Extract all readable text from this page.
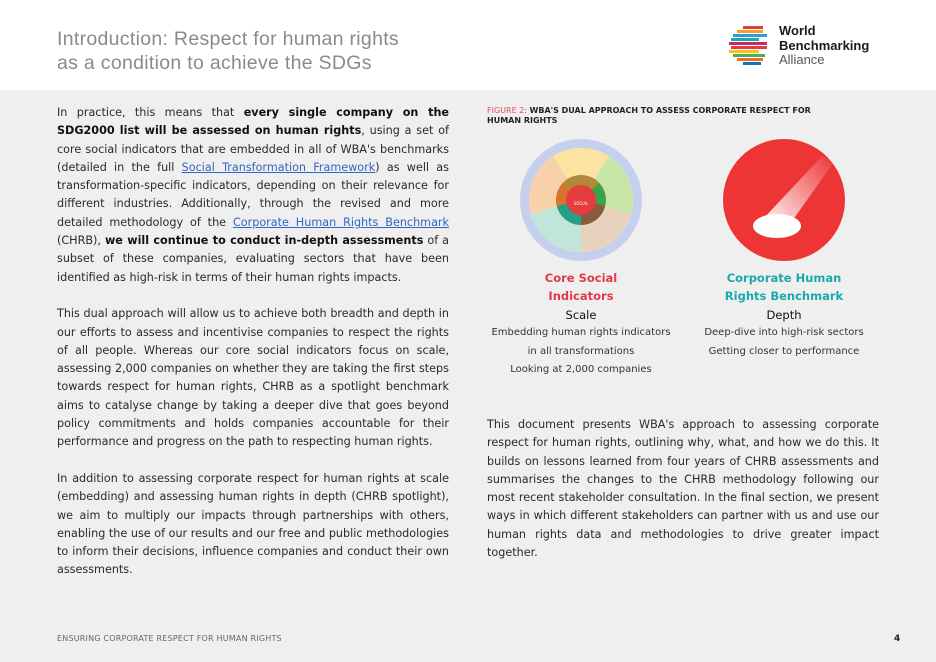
Introduction: Respect for human rights
as a condition to achieve the SDGs
World
Benchmarking
Alliance

In practice, this means that every single company on the SDG2000 list will be assessed on human rights, using a set of core social indicators that are embedded in all of WBA's benchmarks (detailed in the full Social Transformation Framework) as well as transformation-specific indicators, depending on their relevance for different industries. Additionally, through the revised and more detailed methodology of the Corporate Human Rights Benchmark (CHRB), we will continue to conduct in-depth assessments of a subset of these companies, evaluating sectors that have been identified as high-risk in terms of their human rights impacts.

This dual approach will allow us to achieve both breadth and depth in our efforts to assess and incentivise companies to respect the rights of all people. Whereas our core social indicators focus on scale, assessing 2,000 companies on whether they are taking the first steps towards respect for human rights, CHRB as a spotlight benchmark aims to catalyse change by taking a deeper dive that goes beyond policy commitments and holds companies accountable for their performance and progress on the path to respecting human rights.

In addition to assessing corporate respect for human rights at scale (embedding) and assessing human rights in depth (CHRB spotlight), we aim to multiply our impacts through partnerships with others, enabling the use of our results and our free and public methodologies to inform their decisions, influence companies and conduct their own assessments.

FIGURE 2: WBA'S DUAL APPROACH TO ASSESS CORPORATE RESPECT FOR HUMAN RIGHTS
SOCIAL
Core Social
Indicators
Scale
Embedding human rights indicators
in all transformations
Looking at 2,000 companies
Corporate Human
Rights Benchmark
Depth
Deep-dive into high-risk sectors
Getting closer to performance

This document presents WBA's approach to assessing corporate respect for human rights, outlining why, what, and how we do this. It builds on lessons learned from four years of CHRB assessments and summarises the changes to the CHRB methodology following our most recent stakeholder consultation. In the final section, we present ways in which different stakeholders can partner with us and use our human rights data and methodologies to drive greater impact together.

ENSURING CORPORATE RESPECT FOR HUMAN RIGHTS	4
